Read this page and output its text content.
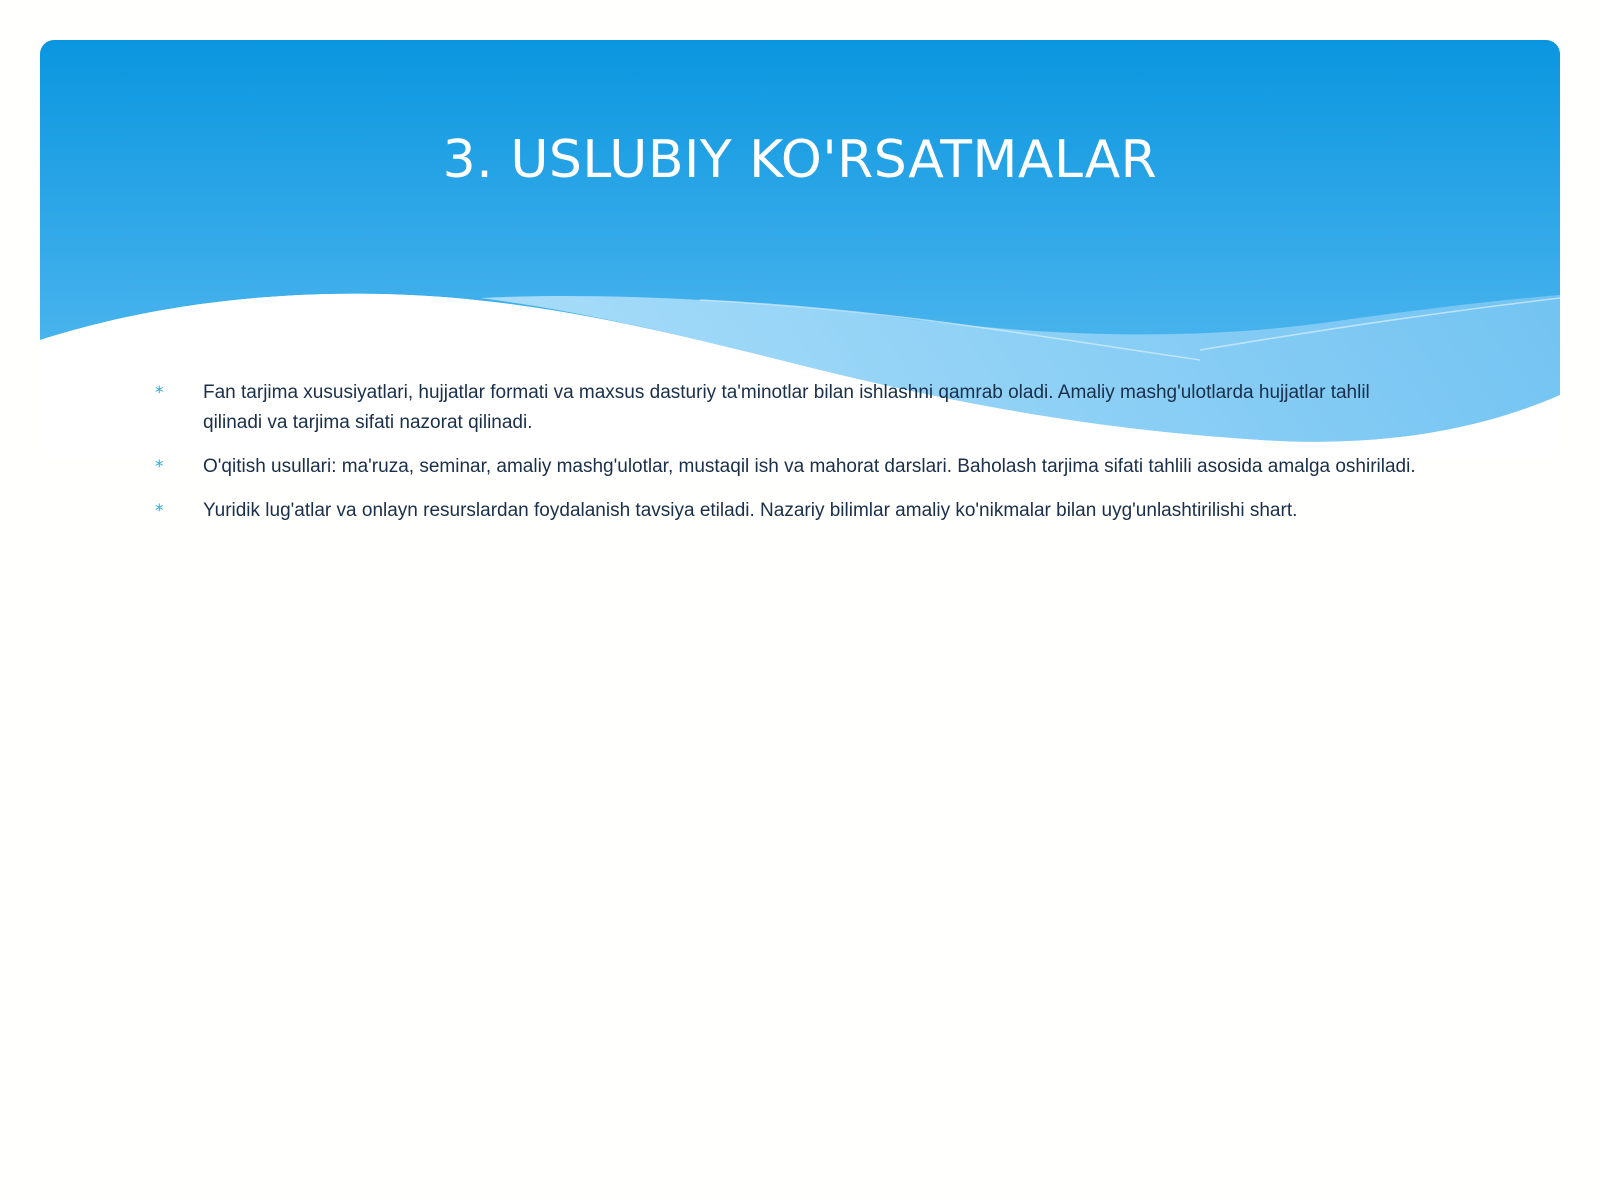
3. USLUBIY KO'RSATMALAR
*	Fan tarjima xususiyatlari, hujjatlar formati va maxsus dasturiy ta'minotlar bilan ishlashni qamrab oladi. Amaliy mashg'ulotlarda hujjatlar tahlil qilinadi va tarjima sifati nazorat qilinadi.
*	O'qitish usullari: ma'ruza, seminar, amaliy mashg'ulotlar, mustaqil ish va mahorat darslari. Baholash tarjima sifati tahlili asosida amalga oshiriladi.
*	Yuridik lug'atlar va onlayn resurslardan foydalanish tavsiya etiladi. Nazariy bilimlar amaliy ko'nikmalar bilan uyg'unlashtirilishi shart.
